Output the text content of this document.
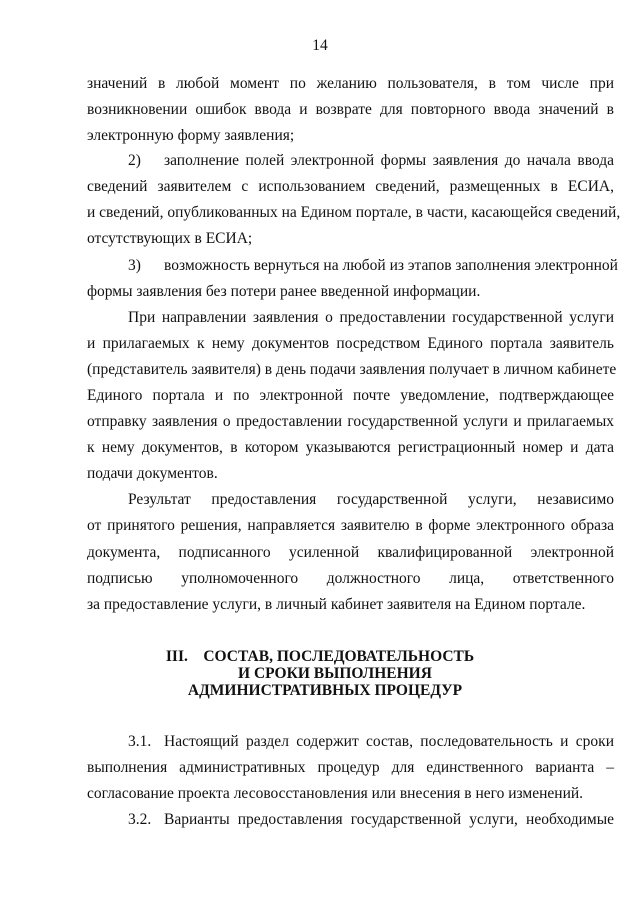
14
значений в любой момент по желанию пользователя, в том числе при
возникновении ошибок ввода и возврате для повторного ввода значений в
электронную форму заявления;
2)	заполнение полей электронной формы заявления до начала ввода
сведений заявителем с использованием сведений, размещенных в ЕСИА,
и сведений, опубликованных на Едином портале, в части, касающейся сведений,
отсутствующих в ЕСИА;
3)	возможность вернуться на любой из этапов заполнения электронной
формы заявления без потери ранее введенной информации.
При направлении заявления о предоставлении государственной услуги
и прилагаемых к нему документов посредством Единого портала заявитель
(представитель заявителя) в день подачи заявления получает в личном кабинете
Единого портала и по электронной почте уведомление, подтверждающее
отправку заявления о предоставлении государственной услуги и прилагаемых
к нему документов, в котором указываются регистрационный номер и дата
подачи документов.
Результат предоставления государственной услуги, независимо
от принятого решения, направляется заявителю в форме электронного образа
документа, подписанного усиленной квалифицированной электронной
подписью уполномоченного должностного лица, ответственного
за предоставление услуги, в личный кабинет заявителя на Едином портале.
III. СОСТАВ, ПОСЛЕДОВАТЕЛЬНОСТЬ
И СРОКИ ВЫПОЛНЕНИЯ
АДМИНИСТРАТИВНЫХ ПРОЦЕДУР
3.1. Настоящий раздел содержит состав, последовательность и сроки
выполнения административных процедур для единственного варианта –
согласование проекта лесовосстановления или внесения в него изменений.
3.2. Варианты предоставления государственной услуги, необходимые
